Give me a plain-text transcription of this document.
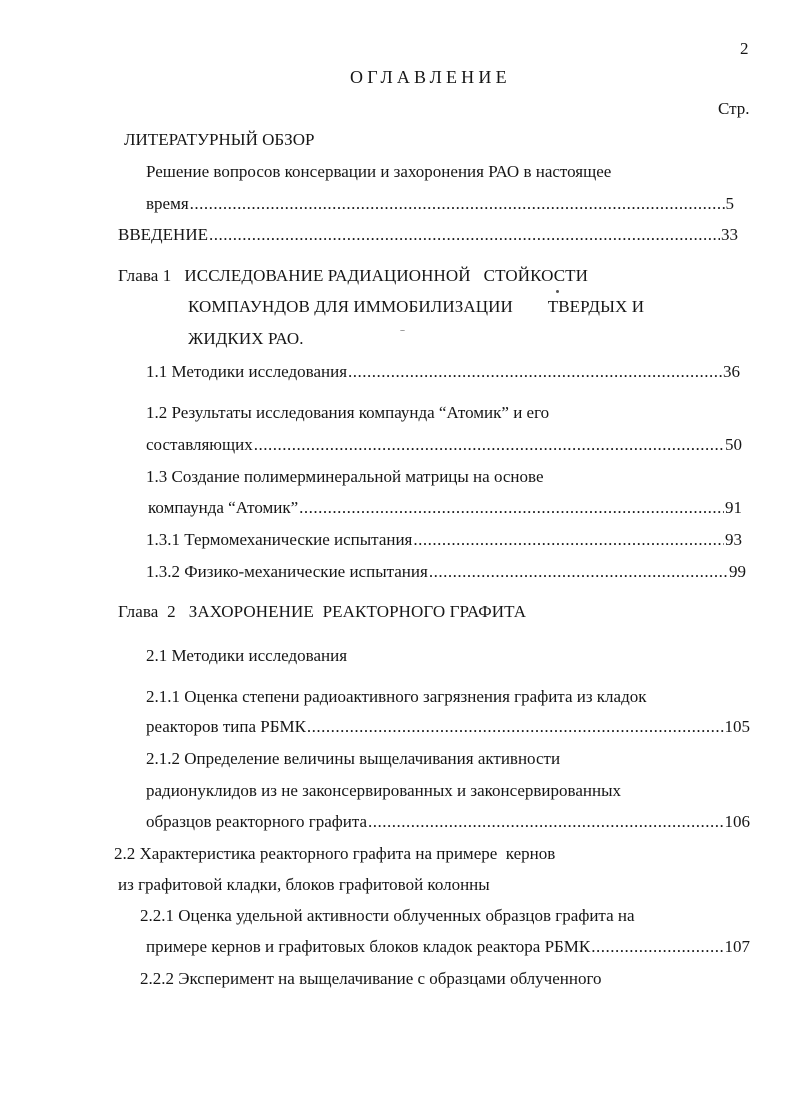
2
ОГЛАВЛЕНИЕ
Стр.
ЛИТЕРАТУРНЫЙ ОБЗОР
Решение вопросов консервации и захоронения РАО в настоящее
время .....	5
ВВЕДЕНИЕ .....	33
Глава 1   ИССЛЕДОВАНИЕ РАДИАЦИОННОЙ   СТОЙКОСТИ
КОМПАУНДОВ ДЛЯ ИММОБИЛИЗАЦИИ        ТВЕРДЫХ И
ЖИДКИХ РАО.
1.1 Методики исследования .....	36
1.2 Результаты исследования компаунда “Атомик” и его
составляющих .....	50
1.3 Создание полимерминеральной матрицы на основе
компаунда “Атомик” .....	91
1.3.1 Термомеханические испытания .....	93
1.3.2 Физико-механические испытания .....	99
Глава  2   ЗАХОРОНЕНИЕ  РЕАКТОРНОГО ГРАФИТА
2.1 Методики исследования
2.1.1 Оценка степени радиоактивного загрязнения графита из кладок
реакторов типа РБМК .....	105
2.1.2 Определение величины выщелачивания активности
радионуклидов из не законсервированных и законсервированных
образцов реакторного графита .....	106
2.2 Характеристика реакторного графита на примере  кернов
из графитовой кладки, блоков графитовой колонны
2.2.1 Оценка удельной активности облученных образцов графита на
примере кернов и графитовых блоков кладок реактора РБМК .....	107
2.2.2 Эксперимент на выщелачивание с образцами облученного
